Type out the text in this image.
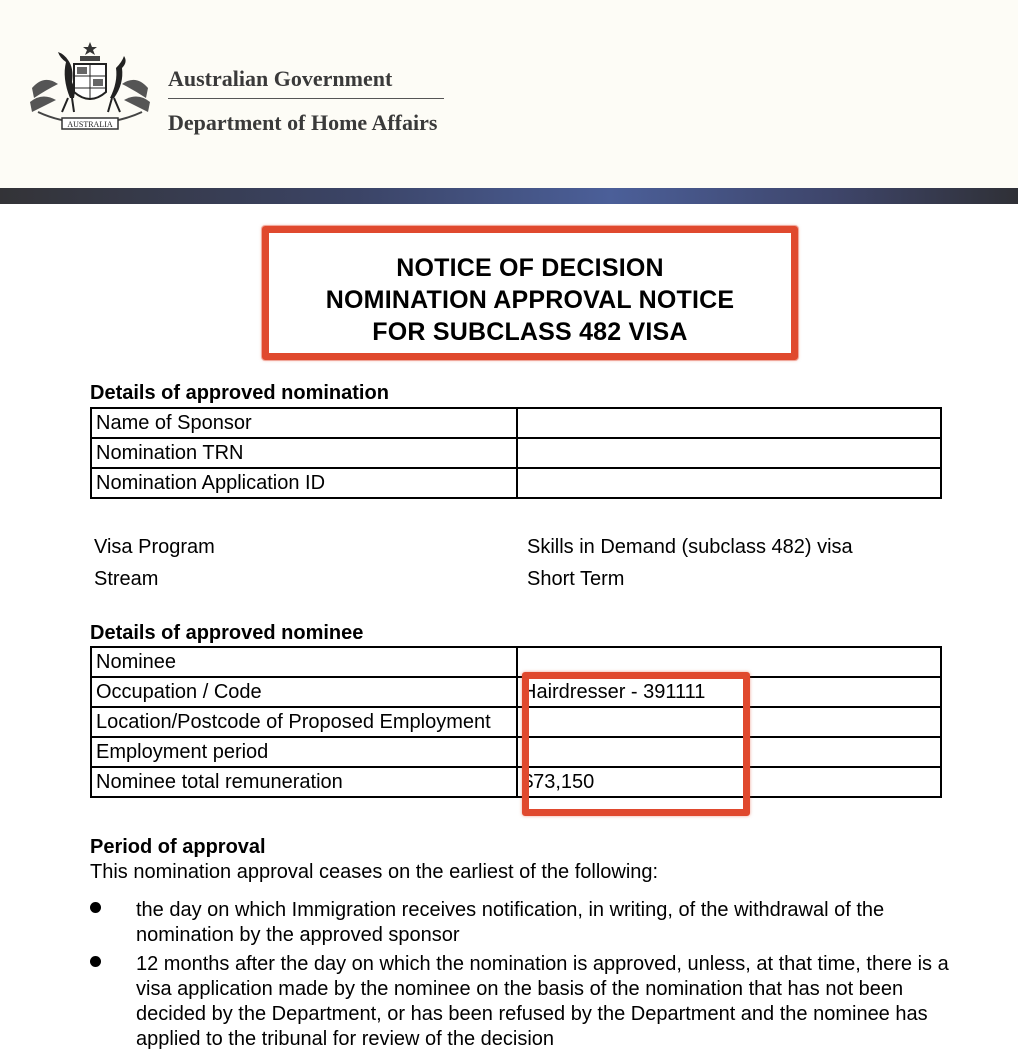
AUSTRALIA
Australian Government
Department of Home Affairs
NOTICE OF DECISION
NOMINATION APPROVAL NOTICE
FOR SUBCLASS 482 VISA
Details of approved nomination
Name of Sponsor	
Nomination TRN	
Nomination Application ID	
Visa Program	Skills in Demand (subclass 482) visa
Stream	Short Term
Details of approved nominee
Nominee	
Occupation / Code	Hairdresser - 391111
Location/Postcode of Proposed Employment	
Employment period	
Nominee total remuneration	$73,150
Period of approval
This nomination approval ceases on the earliest of the following:
the day on which Immigration receives notification, in writing, of the withdrawal of the nomination by the approved sponsor
12 months after the day on which the nomination is approved, unless, at that time, there is a visa application made by the nominee on the basis of the nomination that has not been decided by the Department, or has been refused by the Department and the nominee has applied to the tribunal for review of the decision
